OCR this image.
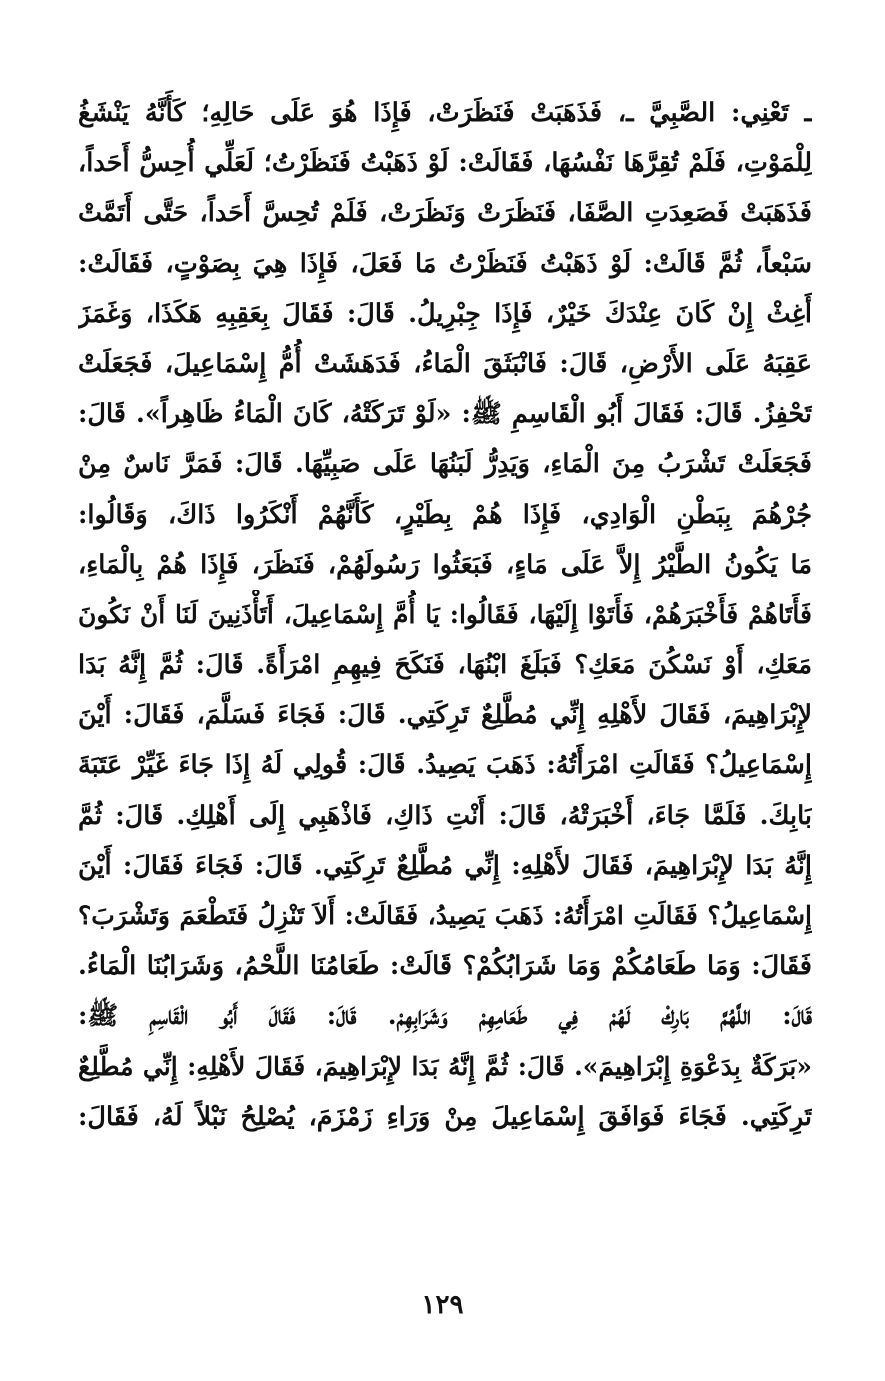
ـ تَعْنِي: الصَّبِيَّ ـ، فَذَهَبَتْ فَنَظَرَتْ، فَإِذَا هُوَ عَلَى حَالِهِ؛ كَأَنَّهُ يَنْشَغُ
لِلْمَوْتِ، فَلَمْ تُقِرَّهَا نَفْسُهَا، فَقَالَتْ: لَوْ ذَهَبْتُ فَنَظَرْتُ؛ لَعَلِّي أُحِسُّ أَحَداً،
فَذَهَبَتْ فَصَعِدَتِ الصَّفَا، فَنَظَرَتْ وَنَظَرَتْ، فَلَمْ تُحِسَّ أَحَداً، حَتَّى أَتَمَّتْ
سَبْعاً، ثُمَّ قَالَتْ: لَوْ ذَهَبْتُ فَنَظَرْتُ مَا فَعَلَ، فَإِذَا هِيَ بِصَوْتٍ، فَقَالَتْ:
أَغِثْ إِنْ كَانَ عِنْدَكَ خَيْرٌ، فَإِذَا جِبْرِيلُ. قَالَ: فَقَالَ بِعَقِبِهِ هَكَذَا، وَغَمَزَ
عَقِبَهُ عَلَى الأَرْضِ، قَالَ: فَانْبَثَقَ الْمَاءُ، فَدَهَشَتْ أُمُّ إِسْمَاعِيلَ، فَجَعَلَتْ
تَحْفِزُ. قَالَ: فَقَالَ أَبُو الْقَاسِمِ ﷺ: «لَوْ تَرَكَتْهُ، كَانَ الْمَاءُ ظَاهِراً». قَالَ:
فَجَعَلَتْ تَشْرَبُ مِنَ الْمَاءِ، وَيَدِرُّ لَبَنُهَا عَلَى صَبِيِّهَا. قَالَ: فَمَرَّ نَاسٌ مِنْ
جُرْهُمَ بِبَطْنِ الْوَادِي، فَإِذَا هُمْ بِطَيْرٍ، كَأَنَّهُمْ أَنْكَرُوا ذَاكَ، وَقَالُوا:
مَا يَكُونُ الطَّيْرُ إِلاَّ عَلَى مَاءٍ، فَبَعَثُوا رَسُولَهُمْ، فَنَظَرَ، فَإِذَا هُمْ بِالْمَاءِ،
فَأَتَاهُمْ فَأَخْبَرَهُمْ، فَأَتَوْا إِلَيْهَا، فَقَالُوا: يَا أُمَّ إِسْمَاعِيلَ، أَتَأْذَنِينَ لَنَا أَنْ نَكُونَ
مَعَكِ، أَوْ نَسْكُنَ مَعَكِ؟ فَبَلَغَ ابْنُهَا، فَنَكَحَ فِيهِمِ امْرَأَةً. قَالَ: ثُمَّ إِنَّهُ بَدَا
لإِبْرَاهِيمَ، فَقَالَ لأَهْلِهِ إِنِّي مُطَّلِعٌ تَرِكَتِي. قَالَ: فَجَاءَ فَسَلَّمَ، فَقَالَ: أَيْنَ
إِسْمَاعِيلُ؟ فَقَالَتِ امْرَأَتُهُ: ذَهَبَ يَصِيدُ. قَالَ: قُولِي لَهُ إِذَا جَاءَ غَيِّرْ عَتَبَةَ
بَابِكَ. فَلَمَّا جَاءَ، أَخْبَرَتْهُ، قَالَ: أَنْتِ ذَاكِ، فَاذْهَبِي إِلَى أَهْلِكِ. قَالَ: ثُمَّ
إِنَّهُ بَدَا لإِبْرَاهِيمَ، فَقَالَ لأَهْلِهِ: إِنِّي مُطَّلِعٌ تَرِكَتِي. قَالَ: فَجَاءَ فَقَالَ: أَيْنَ
إِسْمَاعِيلُ؟ فَقَالَتِ امْرَأَتُهُ: ذَهَبَ يَصِيدُ، فَقَالَتْ: أَلاَ تَنْزِلُ فَتَطْعَمَ وَتَشْرَبَ؟
فَقَالَ: وَمَا طَعَامُكُمْ وَمَا شَرَابُكُمْ؟ قَالَتْ: طَعَامُنَا اللَّحْمُ، وَشَرَابُنَا الْمَاءُ.
قَالَ: اللَّهُمَّ بَارِكْ لَهُمْ فِي طَعَامِهِمْ وَشَرَابِهِمْ. قَالَ: فَقَالَ أَبُو الْقَاسِمِ ﷺ:
«بَرَكَةٌ بِدَعْوَةِ إِبْرَاهِيمَ». قَالَ: ثُمَّ إِنَّهُ بَدَا لإِبْرَاهِيمَ، فَقَالَ لأَهْلِهِ: إِنِّي مُطَّلِعٌ
تَرِكَتِي. فَجَاءَ فَوَافَقَ إِسْمَاعِيلَ مِنْ وَرَاءِ زَمْزَمَ، يُصْلِحُ نَبْلاً لَهُ، فَقَالَ:
١٢٩
